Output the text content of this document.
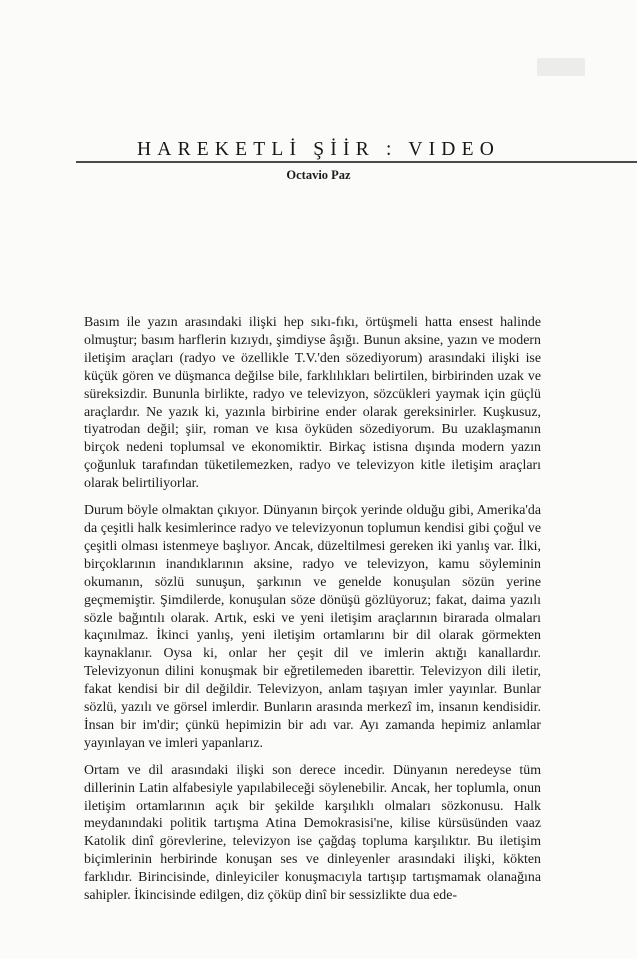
HAREKETLİ ŞİİR : VIDEO
Octavio Paz

Basım ile yazın arasındaki ilişki hep sıkı-fıkı, örtüşmeli hatta ensest halinde olmuştur; basım harflerin kızıydı, şimdiyse âşığı. Bunun aksine, yazın ve modern iletişim araçları (radyo ve özellikle T.V.'den sözediyorum) arasındaki ilişki ise küçük gören ve düşmanca değilse bile, farklılıkları belirtilen, birbirinden uzak ve süreksizdir. Bununla birlikte, radyo ve televizyon, sözcükleri yaymak için güçlü araçlardır. Ne yazık ki, yazınla birbirine ender olarak gereksinirler. Kuşkusuz, tiyatrodan değil; şiir, roman ve kısa öyküden sözediyorum. Bu uzaklaşmanın birçok nedeni toplumsal ve ekonomiktir. Birkaç istisna dışında modern yazın çoğunluk tarafından tüketilemezken, radyo ve televizyon kitle iletişim araçları olarak belirtiliyorlar.

Durum böyle olmaktan çıkıyor. Dünyanın birçok yerinde olduğu gibi, Amerika'da da çeşitli halk kesimlerince radyo ve televizyonun toplumun kendisi gibi çoğul ve çeşitli olması istenmeye başlıyor. Ancak, düzeltilmesi gereken iki yanlış var. İlki, birçoklarının inandıklarının aksine, radyo ve televizyon, kamu söyleminin okumanın, sözlü sunuşun, şarkının ve genelde konuşulan sözün yerine geçmemiştir. Şimdilerde, konuşulan söze dönüşü gözlüyoruz; fakat, daima yazılı sözle bağıntılı olarak. Artık, eski ve yeni iletişim araçlarının birarada olmaları kaçınılmaz. İkinci yanlış, yeni iletişim ortamlarını bir dil olarak görmekten kaynaklanır. Oysa ki, onlar her çeşit dil ve imlerin aktığı kanallardır. Televizyonun dilini konuşmak bir eğretilemeden ibarettir. Televizyon dili iletir, fakat kendisi bir dil değildir. Televizyon, anlam taşıyan imler yayınlar. Bunlar sözlü, yazılı ve görsel imlerdir. Bunların arasında merkezî im, insanın kendisidir. İnsan bir im'dir; çünkü hepimizin bir adı var. Ayı zamanda hepimiz anlamlar yayınlayan ve imleri yapanlarız.

Ortam ve dil arasındaki ilişki son derece incedir. Dünyanın neredeyse tüm dillerinin Latin alfabesiyle yapılabileceği söylenebilir. Ancak, her toplumla, onun iletişim ortamlarının açık bir şekilde karşılıklı olmaları sözkonusu. Halk meydanındaki politik tartışma Atina Demokrasisi'ne, kilise kürsüsünden vaaz Katolik dinî görevlerine, televizyon ise çağdaş topluma karşılıktır. Bu iletişim biçimlerinin herbirinde konuşan ses ve dinleyenler arasındaki ilişki, kökten farklıdır. Birincisinde, dinleyiciler konuşmacıyla tartışıp tartışmamak olanağına sahipler. İkincisinde edilgen, diz çöküp dinî bir sessizlikte dua ede-
